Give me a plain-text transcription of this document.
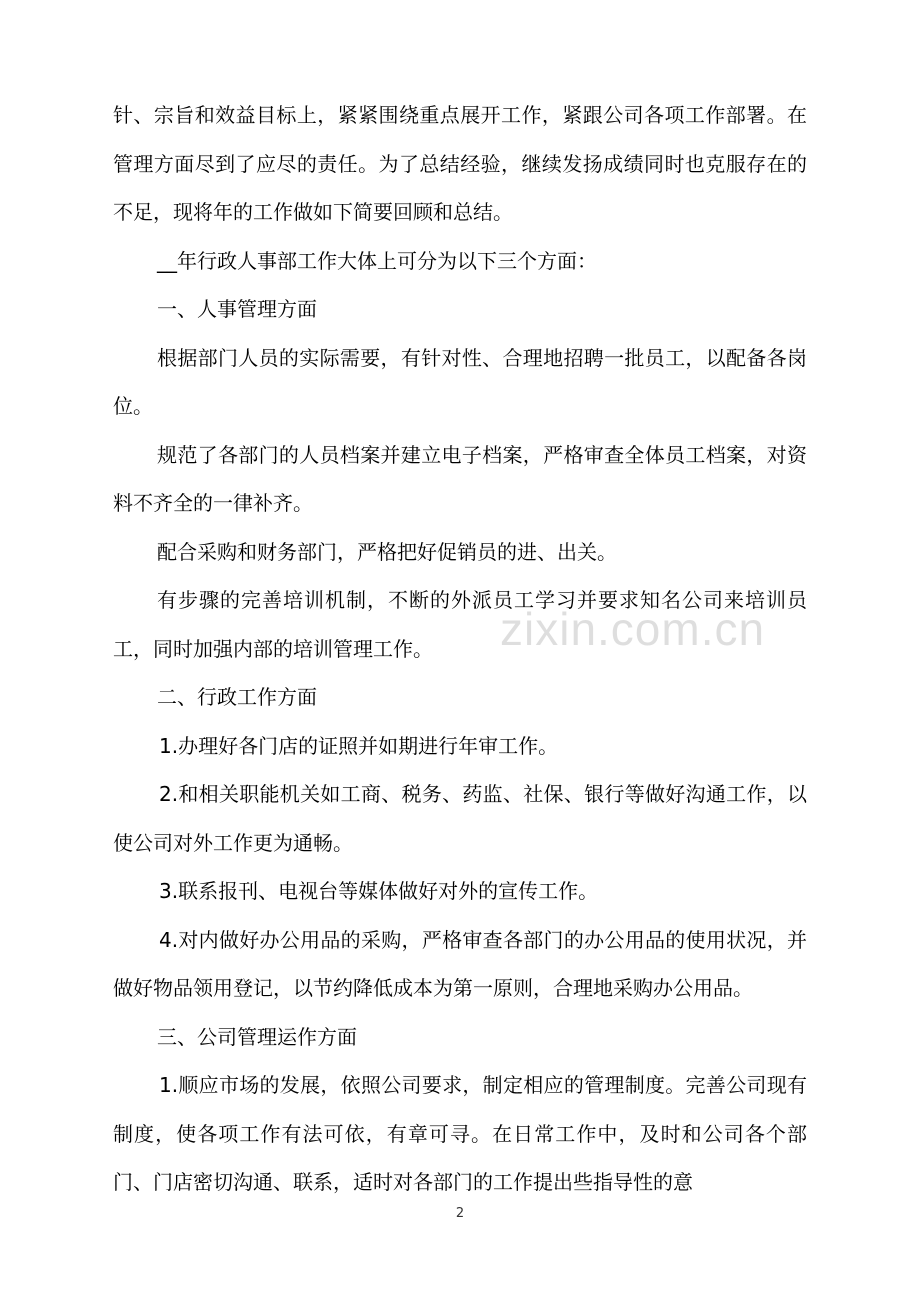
针、宗旨和效益目标上，紧紧围绕重点展开工作，紧跟公司各项工作部署。在管理方面尽到了应尽的责任。为了总结经验，继续发扬成绩同时也克服存在的不足，现将年的工作做如下简要回顾和总结。

__年行政人事部工作大体上可分为以下三个方面：

一、人事管理方面

根据部门人员的实际需要，有针对性、合理地招聘一批员工，以配备各岗位。

规范了各部门的人员档案并建立电子档案，严格审查全体员工档案，对资料不齐全的一律补齐。

配合采购和财务部门，严格把好促销员的进、出关。

有步骤的完善培训机制，不断的外派员工学习并要求知名公司来培训员工，同时加强内部的培训管理工作。

二、行政工作方面

1.办理好各门店的证照并如期进行年审工作。

2.和相关职能机关如工商、税务、药监、社保、银行等做好沟通工作，以使公司对外工作更为通畅。

3.联系报刊、电视台等媒体做好对外的宣传工作。

4.对内做好办公用品的采购，严格审查各部门的办公用品的使用状况，并做好物品领用登记，以节约降低成本为第一原则，合理地采购办公用品。

三、公司管理运作方面

1.顺应市场的发展，依照公司要求，制定相应的管理制度。完善公司现有制度，使各项工作有法可依，有章可寻。在日常工作中，及时和公司各个部门、门店密切沟通、联系，适时对各部门的工作提出些指导性的意

zixin.com.cn
2
